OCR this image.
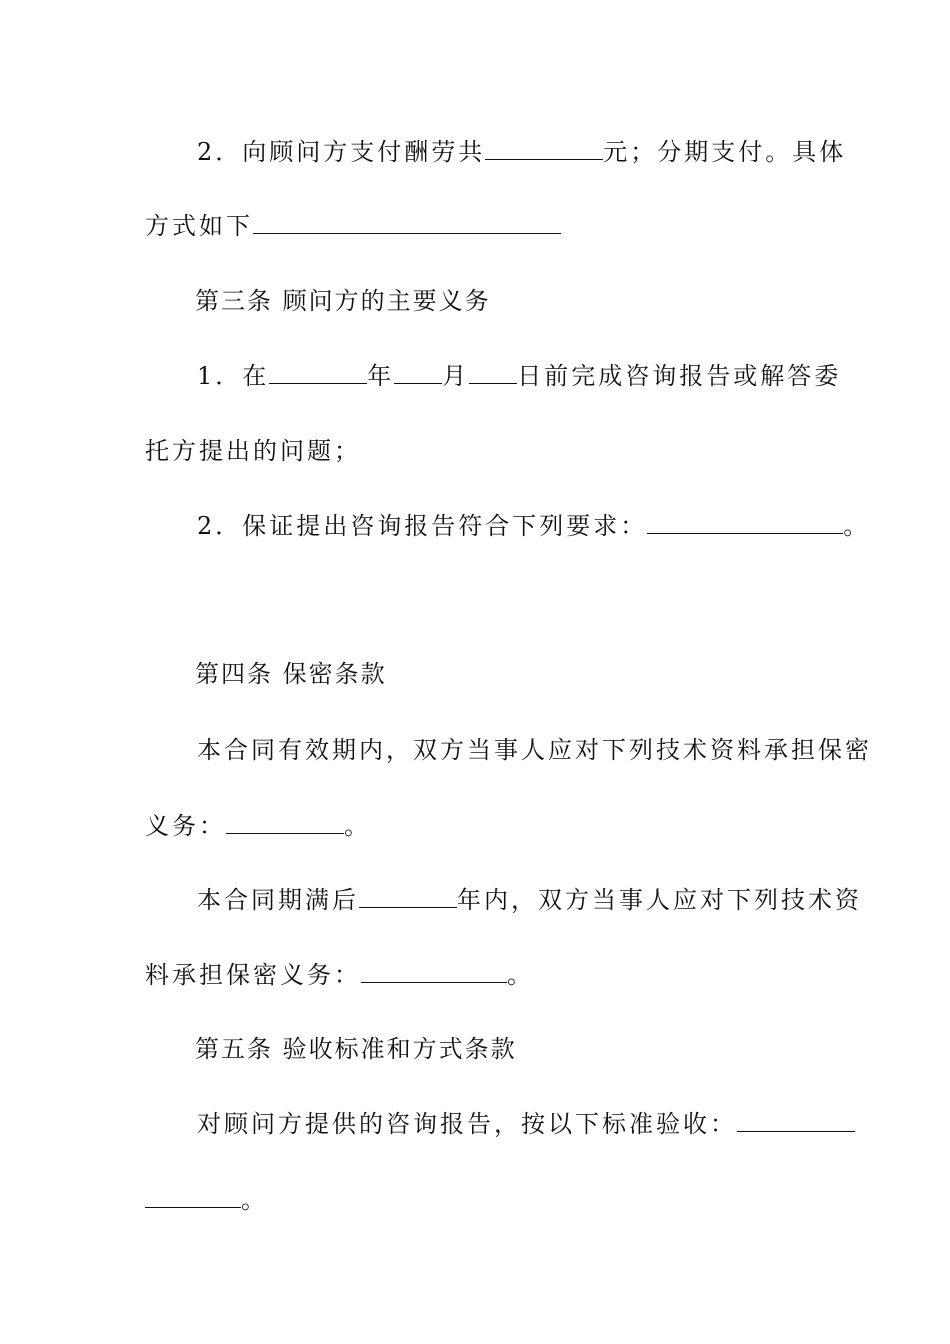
2．向顾问方支付酬劳共	元；分期支付。具体

方式如下

第三条 顾问方的主要义务

1．在	年 月 日前完成咨询报告或解答委

托方提出的问题；

2．保证提出咨询报告符合下列要求：	。

第四条 保密条款

本合同有效期内，双方当事人应对下列技术资料承担保密

义务：	。

本合同期满后	年内，双方当事人应对下列技术资

料承担保密义务：	。

第五条 验收标准和方式条款

对顾问方提供的咨询报告，按以下标准验收：

。
